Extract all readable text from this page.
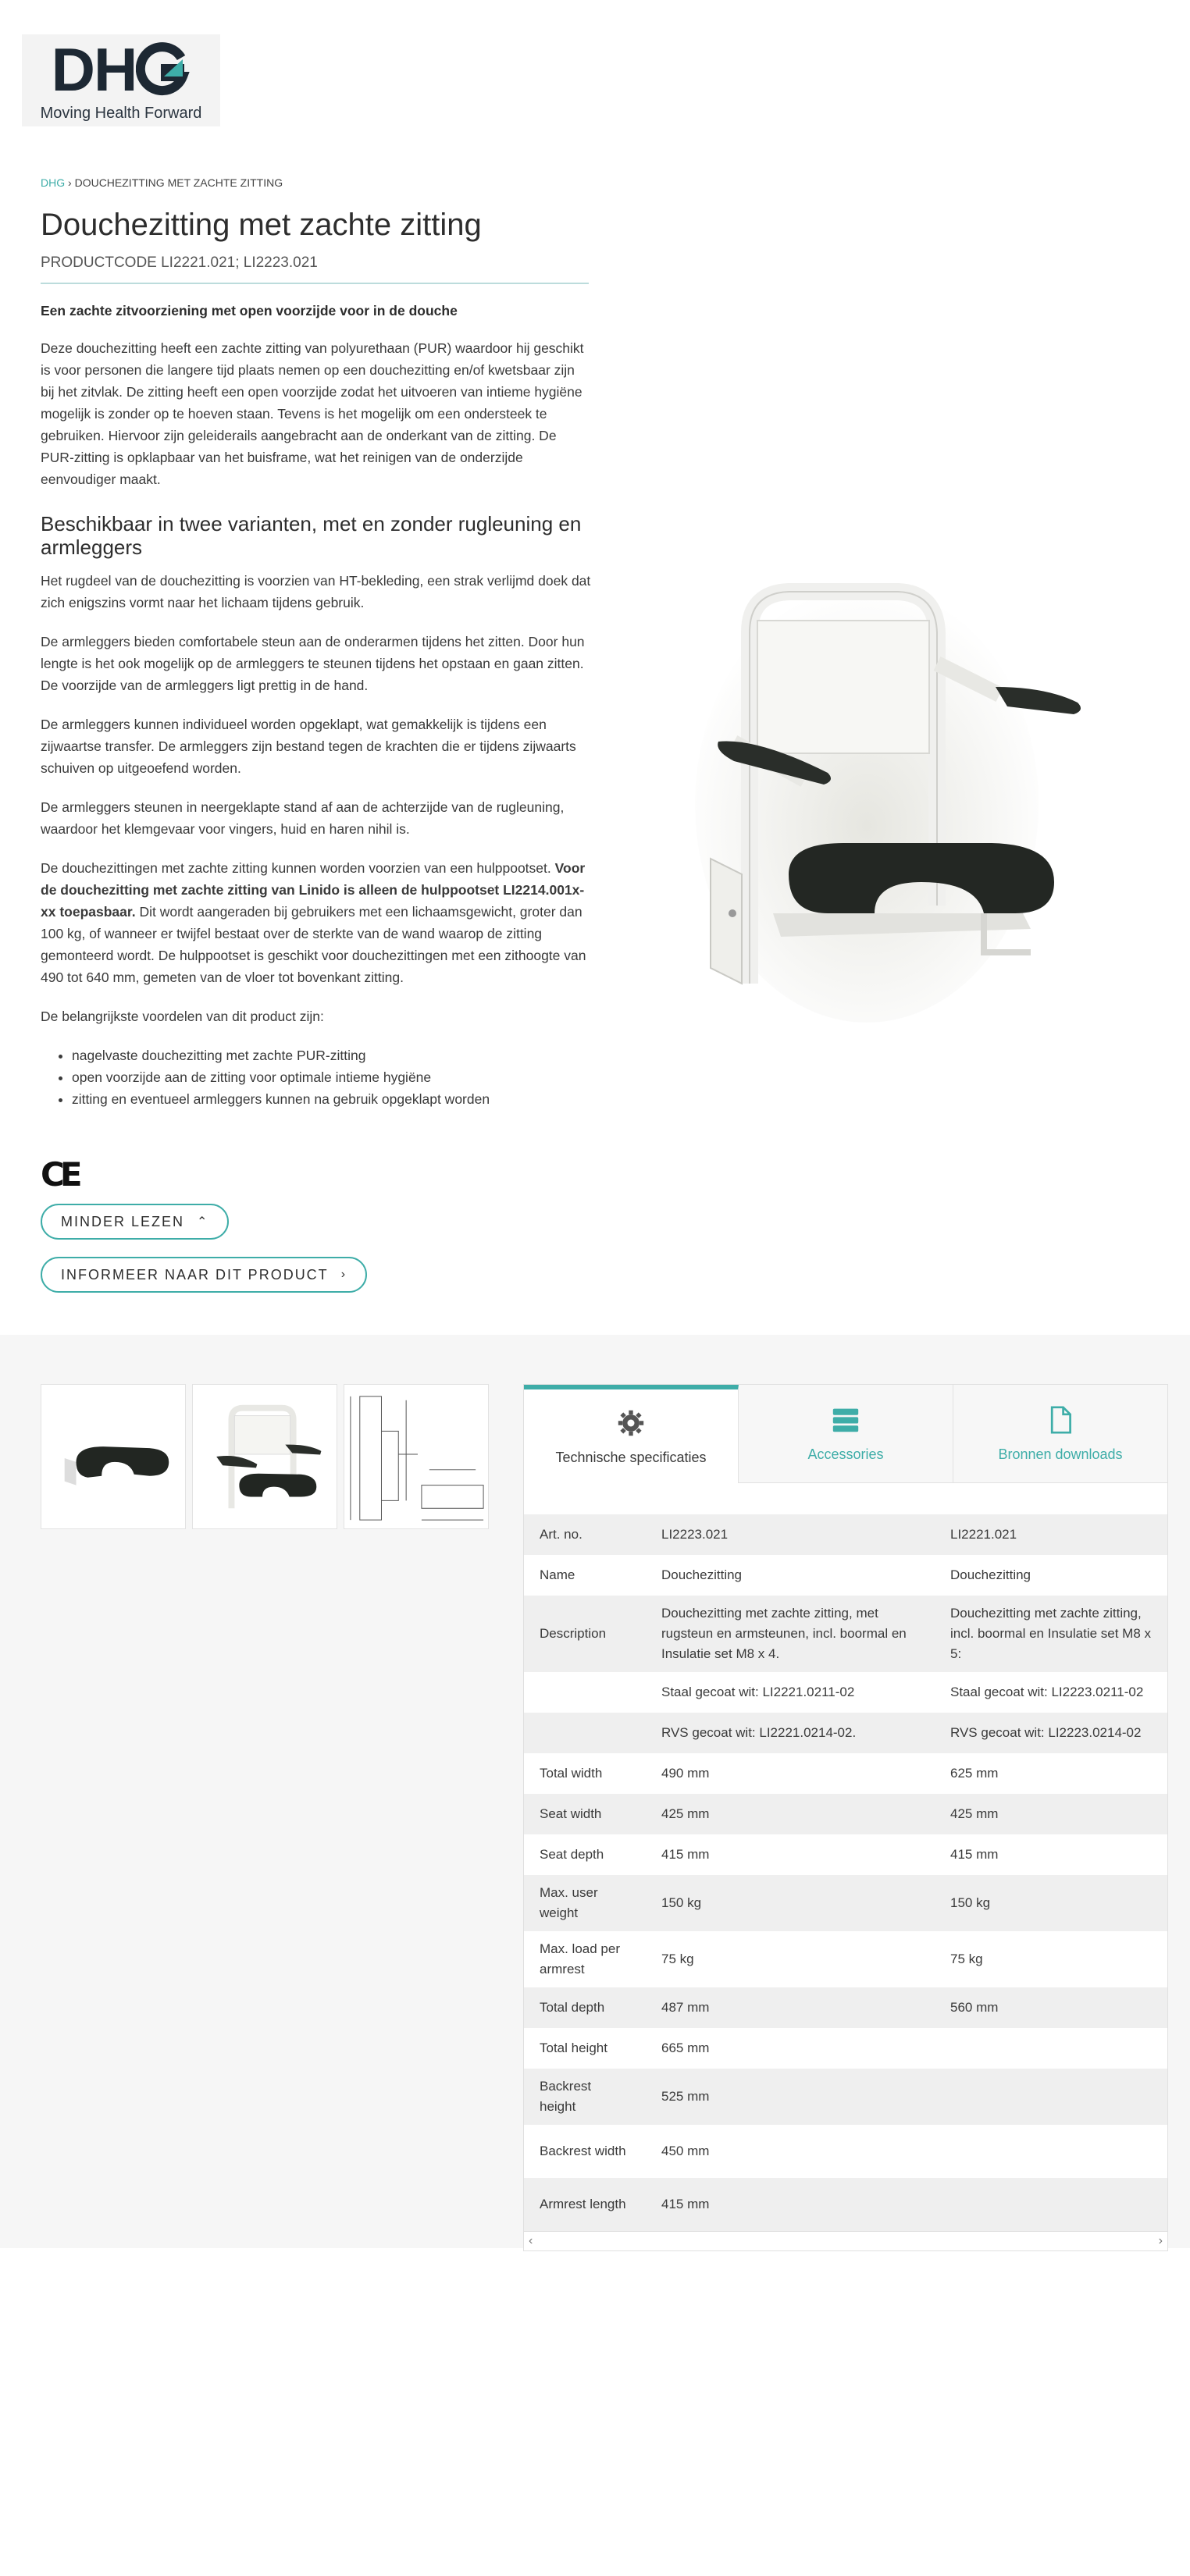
DH
Moving Health Forward
DHG › DOUCHEZITTING MET ZACHTE ZITTING
Douchezitting met zachte zitting
PRODUCTCODE LI2221.021; LI2223.021

Een zachte zitvoorziening met open voorzijde voor in de douche

Deze douchezitting heeft een zachte zitting van polyurethaan (PUR) waardoor hij geschikt is voor personen die langere tijd plaats nemen op een douchezitting en/of kwetsbaar zijn bij het zitvlak. De zitting heeft een open voorzijde zodat het uitvoeren van intieme hygiëne mogelijk is zonder op te hoeven staan. Tevens is het mogelijk om een ondersteek te gebruiken. Hiervoor zijn geleiderails aangebracht aan de onderkant van de zitting. De PUR-zitting is opklapbaar van het buisframe, wat het reinigen van de onderzijde eenvoudiger maakt.

Beschikbaar in twee varianten, met en zonder rugleuning en armleggers

Het rugdeel van de douchezitting is voorzien van HT-bekleding, een strak verlijmd doek dat zich enigszins vormt naar het lichaam tijdens gebruik.

De armleggers bieden comfortabele steun aan de onderarmen tijdens het zitten. Door hun lengte is het ook mogelijk op de armleggers te steunen tijdens het opstaan en gaan zitten. De voorzijde van de armleggers ligt prettig in de hand.

De armleggers kunnen individueel worden opgeklapt, wat gemakkelijk is tijdens een zijwaartse transfer. De armleggers zijn bestand tegen de krachten die er tijdens zijwaarts schuiven op uitgeoefend worden.

De armleggers steunen in neergeklapte stand af aan de achterzijde van de rugleuning, waardoor het klemgevaar voor vingers, huid en haren nihil is.

De douchezittingen met zachte zitting kunnen worden voorzien van een hulppootset. Voor de douchezitting met zachte zitting van Linido is alleen de hulppootset LI2214.001x-xx toepasbaar. Dit wordt aangeraden bij gebruikers met een lichaamsgewicht, groter dan 100 kg, of wanneer er twijfel bestaat over de sterkte van de wand waarop de zitting gemonteerd wordt. De hulppootset is geschikt voor douchezittingen met een zithoogte van 490 tot 640 mm, gemeten van de vloer tot bovenkant zitting.

De belangrijkste voordelen van dit product zijn:

• nagelvaste douchezitting met zachte PUR-zitting
• open voorzijde aan de zitting voor optimale intieme hygiëne
• zitting en eventueel armleggers kunnen na gebruik opgeklapt worden
CE
MINDER LEZEN ⌃
INFORMEER NAAR DIT PRODUCT ›
Technische specificaties	Accessories	Bronnen downloads
Art. no.	LI2223.021	LI2221.021
Name	Douchezitting	Douchezitting
Description	Douchezitting met zachte zitting, met rugsteun en armsteunen, incl. boormal en Insulatie set M8 x 4.	Douchezitting met zachte zitting, incl. boormal en Insulatie set M8 x 5:
	Staal gecoat wit: LI2221.0211-02	Staal gecoat wit: LI2223.0211-02
	RVS gecoat wit: LI2221.0214-02.	RVS gecoat wit: LI2223.0214-02
Total width	490 mm	625 mm
Seat width	425 mm	425 mm
Seat depth	415 mm	415 mm
Max. user weight	150 kg	150 kg
Max. load per armrest	75 kg	75 kg
Total depth	487 mm	560 mm
Total height	665 mm	
Backrest height	525 mm	
Backrest width	450 mm	
Armrest length	415 mm	
‹	›
